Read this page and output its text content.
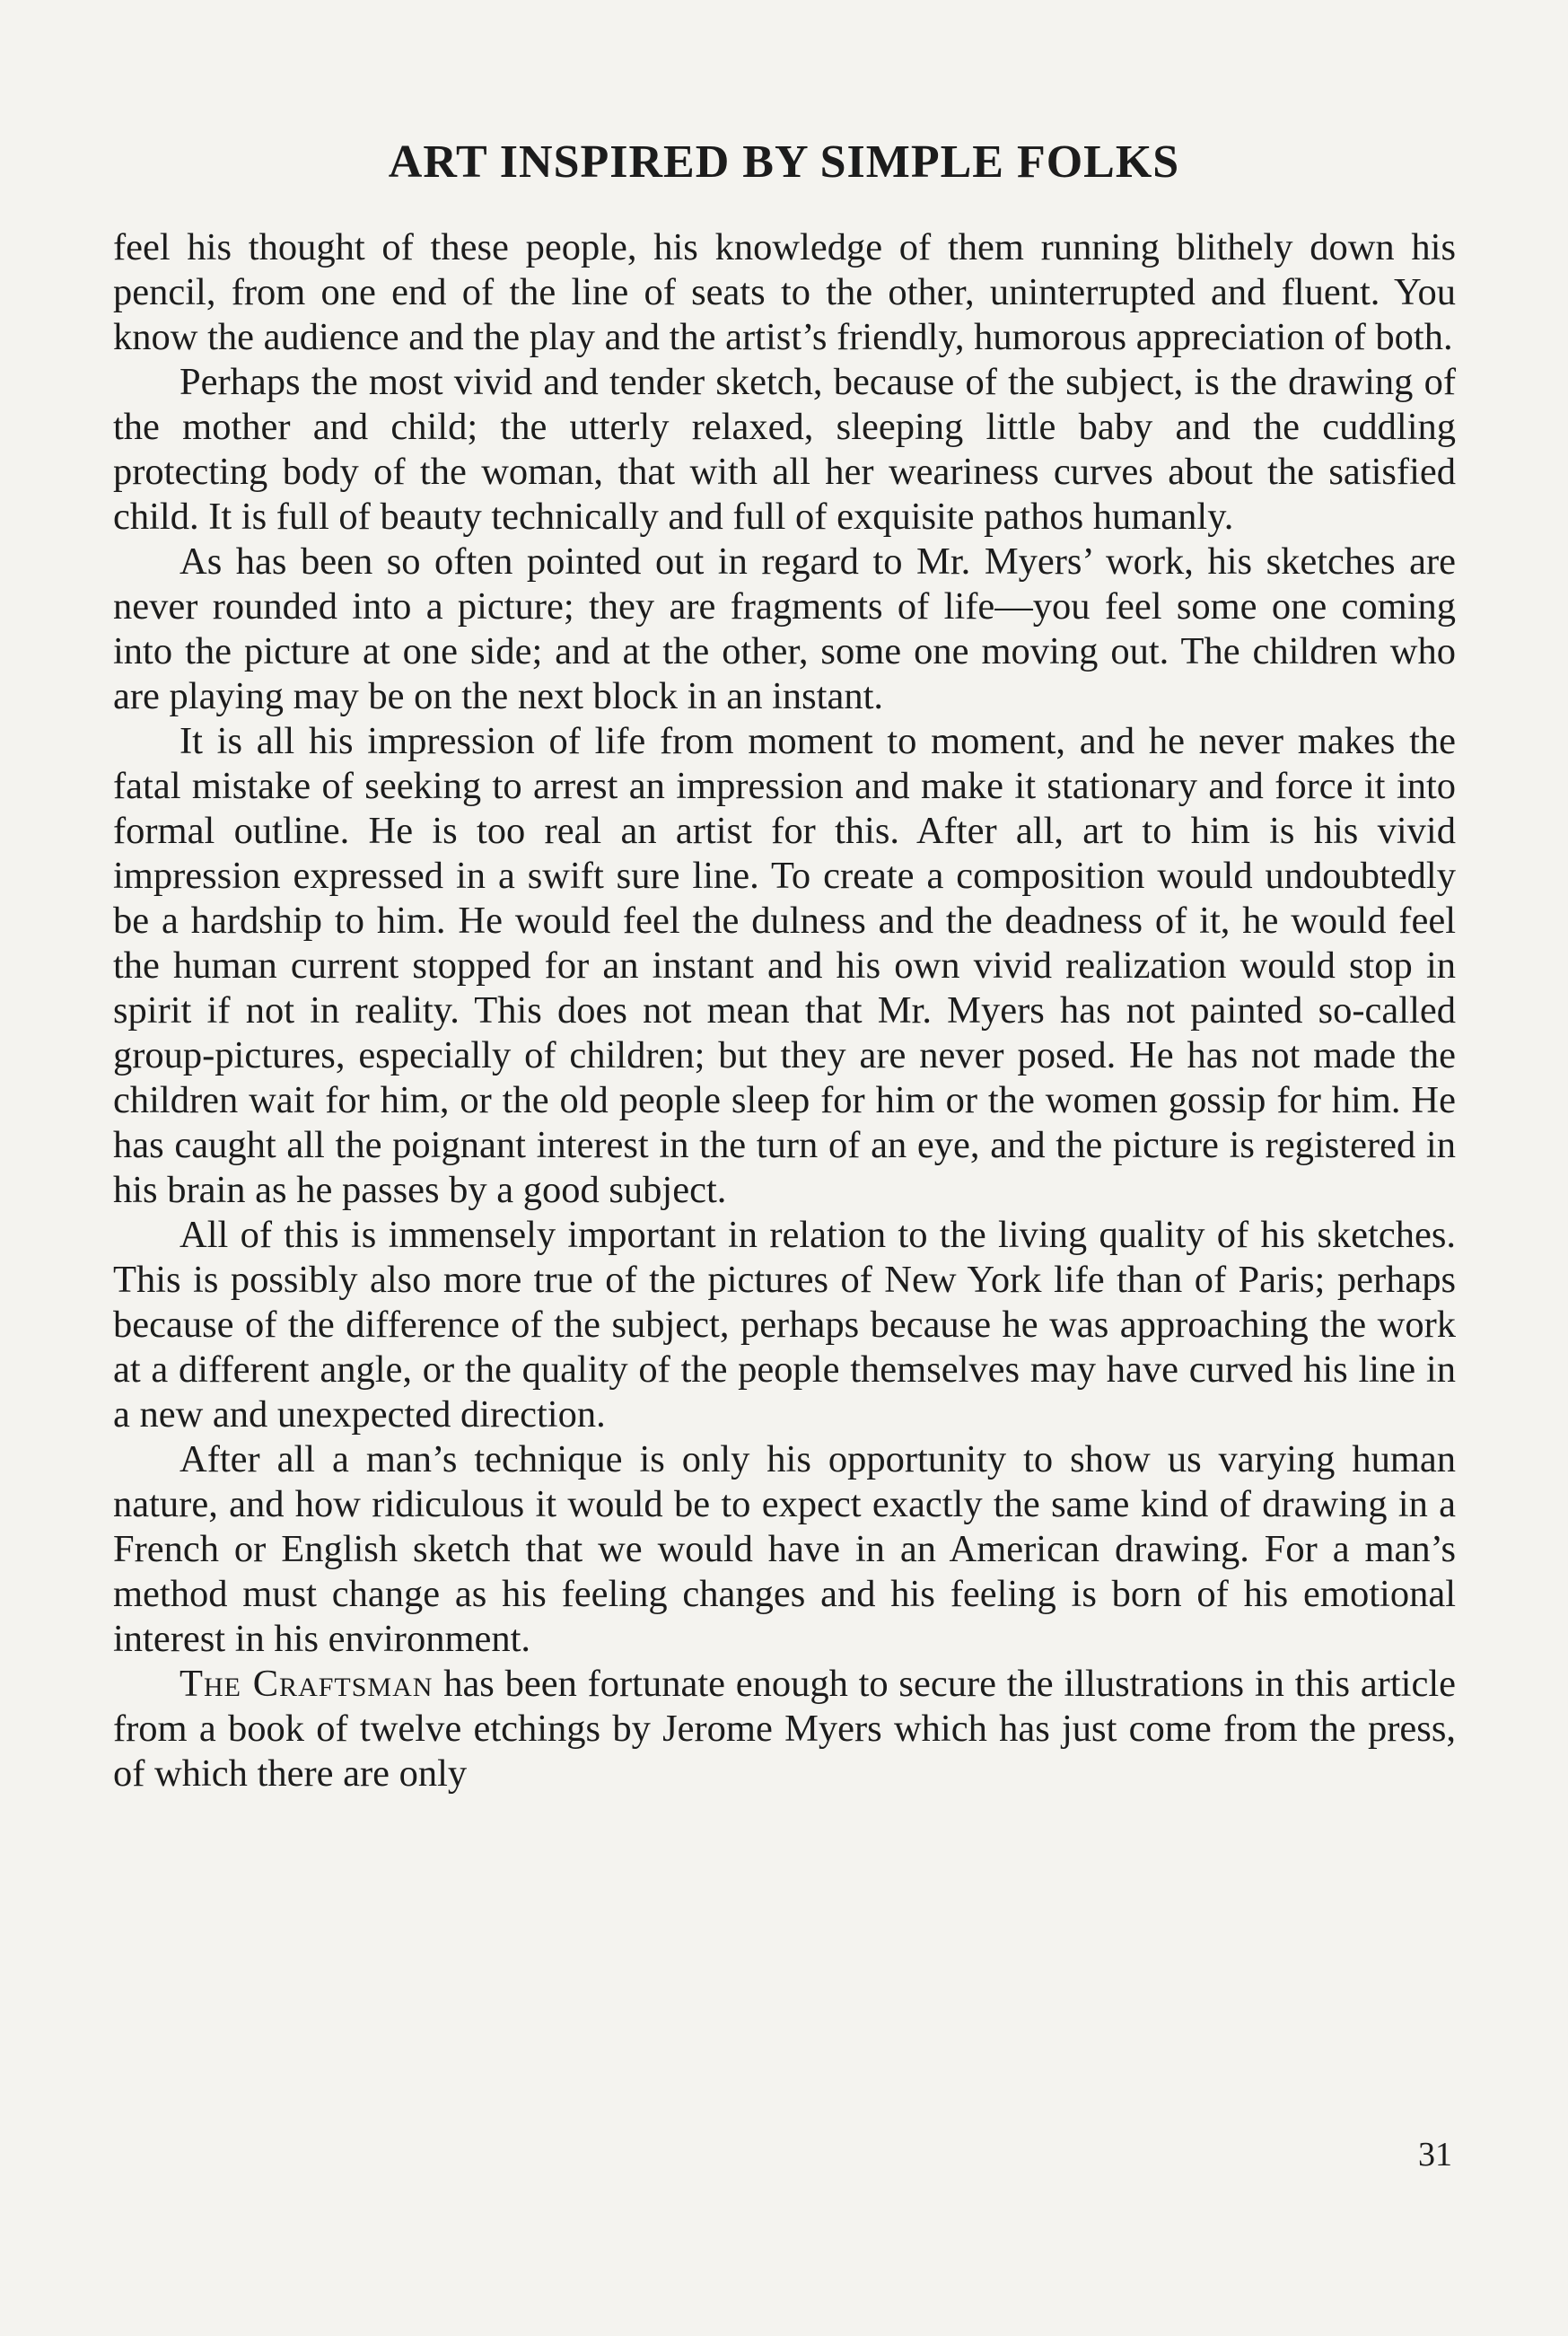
ART INSPIRED BY SIMPLE FOLKS

feel his thought of these people, his knowledge of them running blithely down his pencil, from one end of the line of seats to the other, uninterrupted and fluent. You know the audience and the play and the artist’s friendly, humorous appreciation of both.

Perhaps the most vivid and tender sketch, because of the subject, is the drawing of the mother and child; the utterly relaxed, sleeping little baby and the cuddling protecting body of the woman, that with all her weariness curves about the satisfied child. It is full of beauty technically and full of exquisite pathos humanly.

As has been so often pointed out in regard to Mr. Myers’ work, his sketches are never rounded into a picture; they are fragments of life—you feel some one coming into the picture at one side; and at the other, some one moving out. The children who are playing may be on the next block in an instant.

It is all his impression of life from moment to moment, and he never makes the fatal mistake of seeking to arrest an impression and make it stationary and force it into formal outline. He is too real an artist for this. After all, art to him is his vivid impression expressed in a swift sure line. To create a composition would undoubtedly be a hardship to him. He would feel the dulness and the deadness of it, he would feel the human current stopped for an instant and his own vivid realization would stop in spirit if not in reality. This does not mean that Mr. Myers has not painted so-called group-pictures, especially of children; but they are never posed. He has not made the children wait for him, or the old people sleep for him or the women gossip for him. He has caught all the poignant interest in the turn of an eye, and the picture is registered in his brain as he passes by a good subject.

All of this is immensely important in relation to the living quality of his sketches. This is possibly also more true of the pictures of New York life than of Paris; perhaps because of the difference of the subject, perhaps because he was approaching the work at a different angle, or the quality of the people themselves may have curved his line in a new and unexpected direction.

After all a man’s technique is only his opportunity to show us varying human nature, and how ridiculous it would be to expect exactly the same kind of drawing in a French or English sketch that we would have in an American drawing. For a man’s method must change as his feeling changes and his feeling is born of his emotional interest in his environment.

The Craftsman has been fortunate enough to secure the illustrations in this article from a book of twelve etchings by Jerome Myers which has just come from the press, of which there are only

31
